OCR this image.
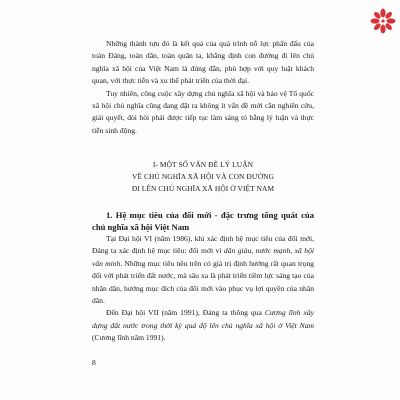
Những thành tựu đó là kết quả của quá trình nỗ lực phấn đấu của toàn Đảng, toàn dân, toàn quân ta, khẳng định con đường đi lên chủ nghĩa xã hội của Việt Nam là đúng đắn, phù hợp với quy luật khách quan, với thực tiễn và xu thế phát triển của thời đại.

Tuy nhiên, công cuộc xây dựng chủ nghĩa xã hội và bảo vệ Tổ quốc xã hội chủ nghĩa cũng đang đặt ra không ít vấn đề mới cần nghiên cứu, giải quyết, đòi hỏi phải được tiếp tục làm sáng tỏ bằng lý luận và thực tiễn sinh động.

I- MỘT SỐ VẤN ĐỀ LÝ LUẬN
VỀ CHỦ NGHĨA XÃ HỘI VÀ CON ĐƯỜNG
ĐI LÊN CHỦ NGHĨA XÃ HỘI Ở VIỆT NAM
1. Hệ mục tiêu của đổi mới - đặc trưng tổng quát của chủ nghĩa xã hội Việt Nam

Tại Đại hội VI (năm 1986), khi xác định hệ mục tiêu của đổi mới, Đảng ta xác định hệ mục tiêu: đổi mới vì dân giàu, nước mạnh, xã hội văn minh. Những mục tiêu nêu trên có giá trị định hướng rất quan trọng đối với phát triển đất nước, mà sâu xa là phát triển tiềm lực sáng tạo của nhân dân, hướng mục đích của đổi mới vào phục vụ lợi quyền của nhân dân.

Đến Đại hội VII (năm 1991), Đảng ta thông qua Cương lĩnh xây dựng đất nước trong thời kỳ quá độ lên chủ nghĩa xã hội ở Việt Nam (Cương lĩnh năm 1991).

8
